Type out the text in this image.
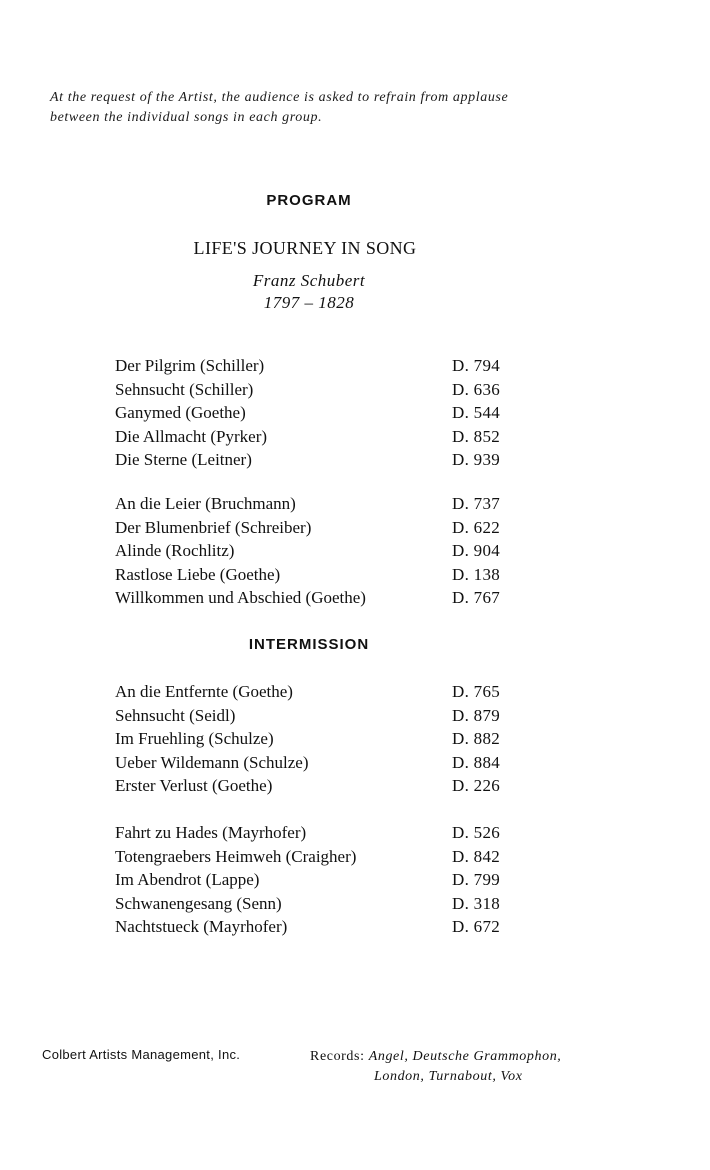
At the request of the Artist, the audience is asked to refrain from applause
between the individual songs in each group.
PROGRAM
LIFE'S JOURNEY IN SONG
Franz Schubert
1797 – 1828
Der Pilgrim (Schiller)	D. 794
Sehnsucht (Schiller)	D. 636
Ganymed (Goethe)	D. 544
Die Allmacht (Pyrker)	D. 852
Die Sterne (Leitner)	D. 939
An die Leier (Bruchmann)	D. 737
Der Blumenbrief (Schreiber)	D. 622
Alinde (Rochlitz)	D. 904
Rastlose Liebe (Goethe)	D. 138
Willkommen und Abschied (Goethe)	D. 767
INTERMISSION
An die Entfernte (Goethe)	D. 765
Sehnsucht (Seidl)	D. 879
Im Fruehling (Schulze)	D. 882
Ueber Wildemann (Schulze)	D. 884
Erster Verlust (Goethe)	D. 226
Fahrt zu Hades (Mayrhofer)	D. 526
Totengraebers Heimweh (Craigher)	D. 842
Im Abendrot (Lappe)	D. 799
Schwanengesang (Senn)	D. 318
Nachtstueck (Mayrhofer)	D. 672
Colbert Artists Management, Inc.	Records: Angel, Deutsche Grammophon,
London, Turnabout, Vox
